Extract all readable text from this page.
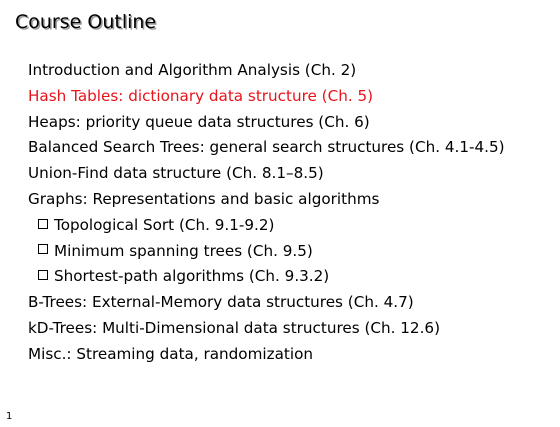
Course Outline
Introduction and Algorithm Analysis (Ch. 2)
Hash Tables: dictionary data structure (Ch. 5)
Heaps: priority queue data structures (Ch. 6)
Balanced Search Trees: general search structures (Ch. 4.1-4.5)
Union-Find data structure (Ch. 8.1–8.5)
Graphs: Representations and basic algorithms
Topological Sort (Ch. 9.1-9.2)
Minimum spanning trees (Ch. 9.5)
Shortest-path algorithms (Ch. 9.3.2)
B-Trees: External-Memory data structures (Ch. 4.7)
kD-Trees: Multi-Dimensional data structures (Ch. 12.6)
Misc.: Streaming data, randomization
1
